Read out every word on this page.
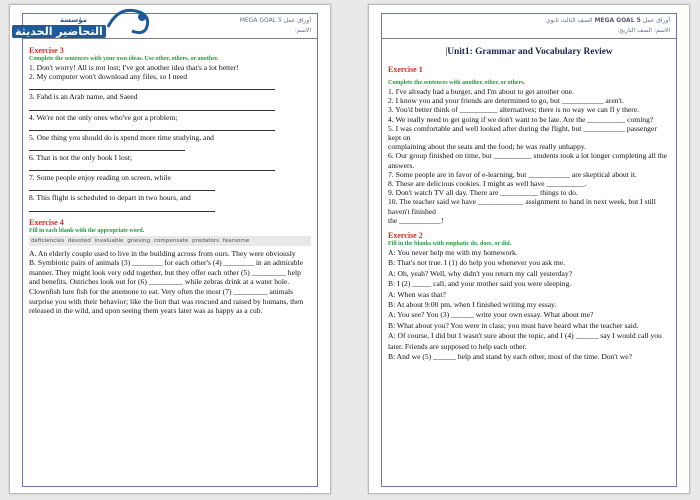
أوراق عمل MEGA GOAL 5
الاسم:
Exercise 3
Complete the sentences with your own ideas. Use other, others, or another.
1. Don't worry! All is not lost; I've got another idea that's a lot better!
2. My computer won't download any files, so I need
3. Fahd is an Arab name, and Saeed
4. We're not the only ones who've got a problem;
5. One thing you should do is spend more time studying, and
6. That is not the only book I lost;
7. Some people enjoy reading on screen, while
8. This flight is scheduled to depart in two hours, and
Exercise 4
Fill in each blank with the appropriate word.
deficiencies devoted invaluable grieving compensate predators fearsome

A. An elderly couple used to live in the building across from ours. They were obviously

B. Symbiotic pairs of animals (3) ________ for each other's (4) ________ in an admirable manner. They might look very odd together, but they offer each other (5) _________ help and benefits. Ostriches look out for (6) _________ while zebras drink at a water hole. Clownfish lure fish for the anemone to eat. Very often the most (7) _________ animals surprise you with their behavior; like the lion that was rescued and raised by humans, then released in the wild, and upon seeing them years later was as happy as a cub.

مؤسسة
التحاضير الحديثة
أوراق عمل MEGA GOAL 5 الصف الثالث ثانوي
الاسم: الصف التاريخ:
|Unit1: Grammar and Vocabulary Review
Exercise 1
Complete the sentences with another, other, or others.
1. I've already had a burger, and I'm about to get another one.
2. I know you and your friends are determined to go, but ___________ aren't.
3. You'd better think of __________ alternatives; there is no way we can fl y there.
4. We really need to get going if we don't want to be late. Are the __________ coming?
5. I was comfortable and well looked after during the flight, but ___________ passenger kept on
complaining about the seats and the food; he was really unhappy.
6. Our group finished on time, but __________ students took a lot longer completing all the answers.
7. Some people are in favor of e-learning, but ___________ are skeptical about it.
8. These are delicious cookies. I might as well have __________.
9. Don't watch TV all day. There are __________ things to do.
10. The teacher said we have ____________ assignment to hand in next week, but I still haven't finished
the ___________!
Exercise 2
Fill in the blanks with emphatic do, does, or did.
A: You never help me with my homework.
B: That's not true. I (1) do help you whenever you ask me.
A: Oh, yeah? Well, why didn't you return my call yesterday?
B: I (2) _____ call, and your mother said you were sleeping.
A: When was that?
B: At about 9:00 pm, when I finished writing my essay.
A: You see? You (3) ______ write your own essay. What about me?
B: What about you? You were in class; you must have heard what the teacher said.
A: Of course, I did but I wasn't sure about the topic, and I (4) ______ say I would call you later. Friends are supposed to help each other.
B: And we (5) ______ help and stand by each other, most of the time. Don't we?
